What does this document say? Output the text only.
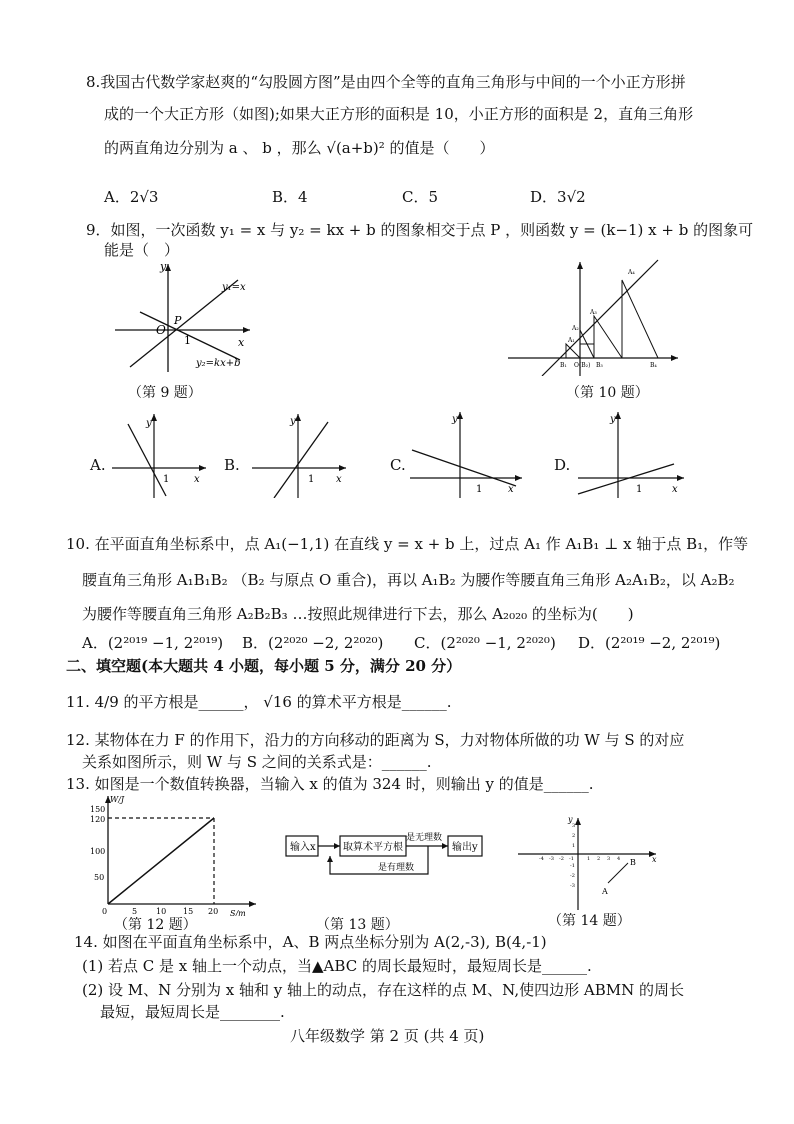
8.我国古代数学家赵爽的“勾股圆方图”是由四个全等的直角三角形与中间的一个小正方形拼
成的一个大正方形（如图);如果大正方形的面积是 10，小正方形的面积是 2，直角三角形
的两直角边分别为 a 、 b ，那么 √(a+b)² 的值是（　　）
A．2√3	B．4	C．5	D．3√2
9．如图，一次函数 y₁ = x 与 y₂ = kx + b 的图象相交于点 P ，则函数 y = (k−1) x + b 的图象可
能是（　）
y
x
O
P
1
y₁=x
y₂=kx+b
（第 9 题）
A₁
A₂
A₃
A₄
B₁ O(B₂) B₃	B₄
（第 10 题）
A.
y
x
1
B.
y
x
1
C.
y
x
1
D.
y
x
1
10. 在平面直角坐标系中，点 A₁(−1,1) 在直线 y = x + b 上，过点 A₁ 作 A₁B₁ ⊥ x 轴于点 B₁，作等
腰直角三角形 A₁B₁B₂ （B₂ 与原点 O 重合)，再以 A₁B₂ 为腰作等腰直角三角形 A₂A₁B₂，以 A₂B₂
为腰作等腰直角三角形 A₂B₂B₃ …按照此规律进行下去，那么 A₂₀₂₀ 的坐标为(　　)
A．(2²⁰¹⁹ −1, 2²⁰¹⁹) B．(2²⁰²⁰ −2, 2²⁰²⁰) C．(2²⁰²⁰ −1, 2²⁰²⁰) D．(2²⁰¹⁹ −2, 2²⁰¹⁹)
二、填空题(本大题共 4 小题，每小题 5 分，满分 20 分）
11. 4/9 的平方根是______， √16 的算术平方根是______.
12. 某物体在力 F 的作用下，沿力的方向移动的距离为 S，力对物体所做的功 W 与 S 的对应
关系如图所示，则 W 与 S 之间的关系式是：______.
13. 如图是一个数值转换器，当输入 x 的值为 324 时，则输出 y 的值是______.
W/J
S/m
50
100
120
150
5 10 15 20
0
（第 12 题）
输入x	取算术平方根
是无理数
输出y
是有理数
（第 13 题）
-4 -3 -2 -1	1 2 3 4
3
2
1
-1
-2
-3
A
B
y
x
（第 14 题）
14. 如图在平面直角坐标系中，A、B 两点坐标分别为 A(2,-3), B(4,-1)
(1) 若点 C 是 x 轴上一个动点，当▲ABC 的周长最短时，最短周长是______.
(2) 设 M、N 分别为 x 轴和 y 轴上的动点，存在这样的点 M、N,使四边形 ABMN 的周长
最短，最短周长是________.
八年级数学 第 2 页 (共 4 页)
